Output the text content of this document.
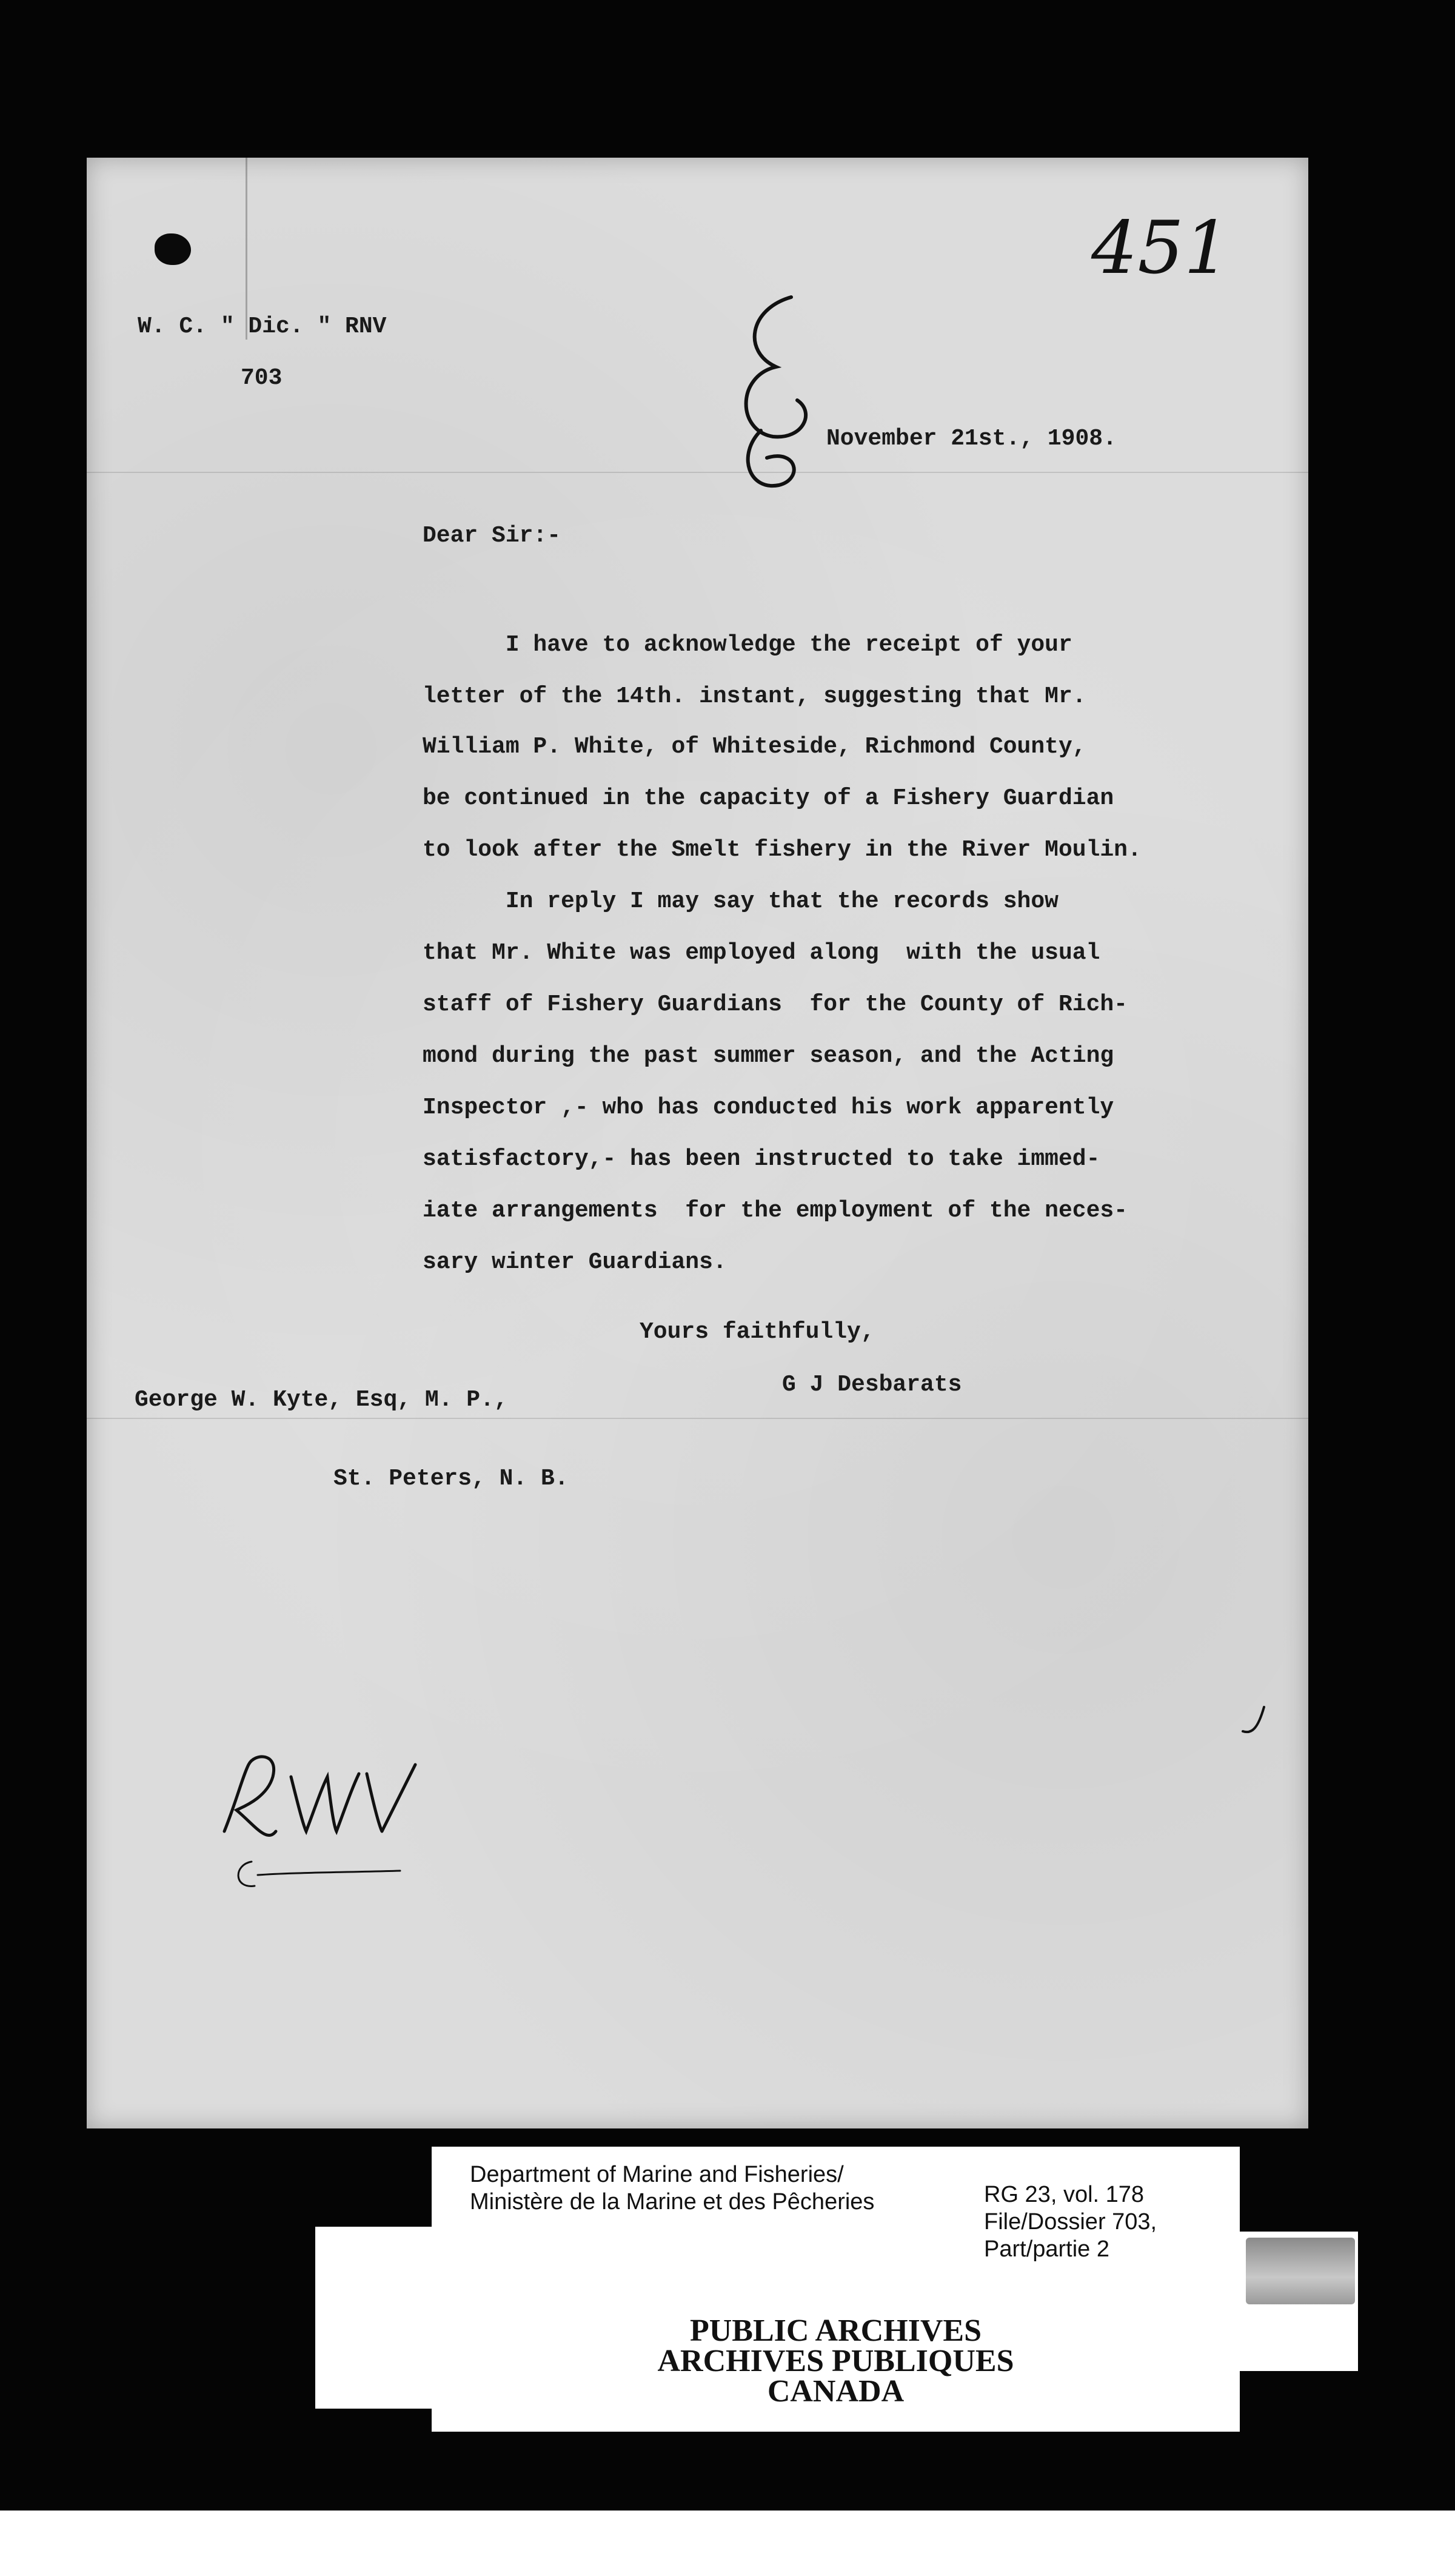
451
W. C. " Dic. " RNV
703
November 21st., 1908.
Dear Sir:-
I have to acknowledge the receipt of your
letter of the 14th. instant, suggesting that Mr.
William P. White, of Whiteside, Richmond County,
be continued in the capacity of a Fishery Guardian
to look after the Smelt fishery in the River Moulin.
In reply I may say that the records show
that Mr. White was employed along  with the usual
staff of Fishery Guardians  for the County of Rich-
mond during the past summer season, and the Acting
Inspector ,- who has conducted his work apparently
satisfactory,- has been instructed to take immed-
iate arrangements  for the employment of the neces-
sary winter Guardians.
Yours faithfully,
G J Desbarats
George W. Kyte, Esq, M. P.,
St. Peters, N. B.
Department of Marine and Fisheries/
Ministère de la Marine et des Pêcheries	RG 23, vol. 178
File/Dossier 703,
Part/partie 2
PUBLIC ARCHIVES
ARCHIVES PUBLIQUES
CANADA
